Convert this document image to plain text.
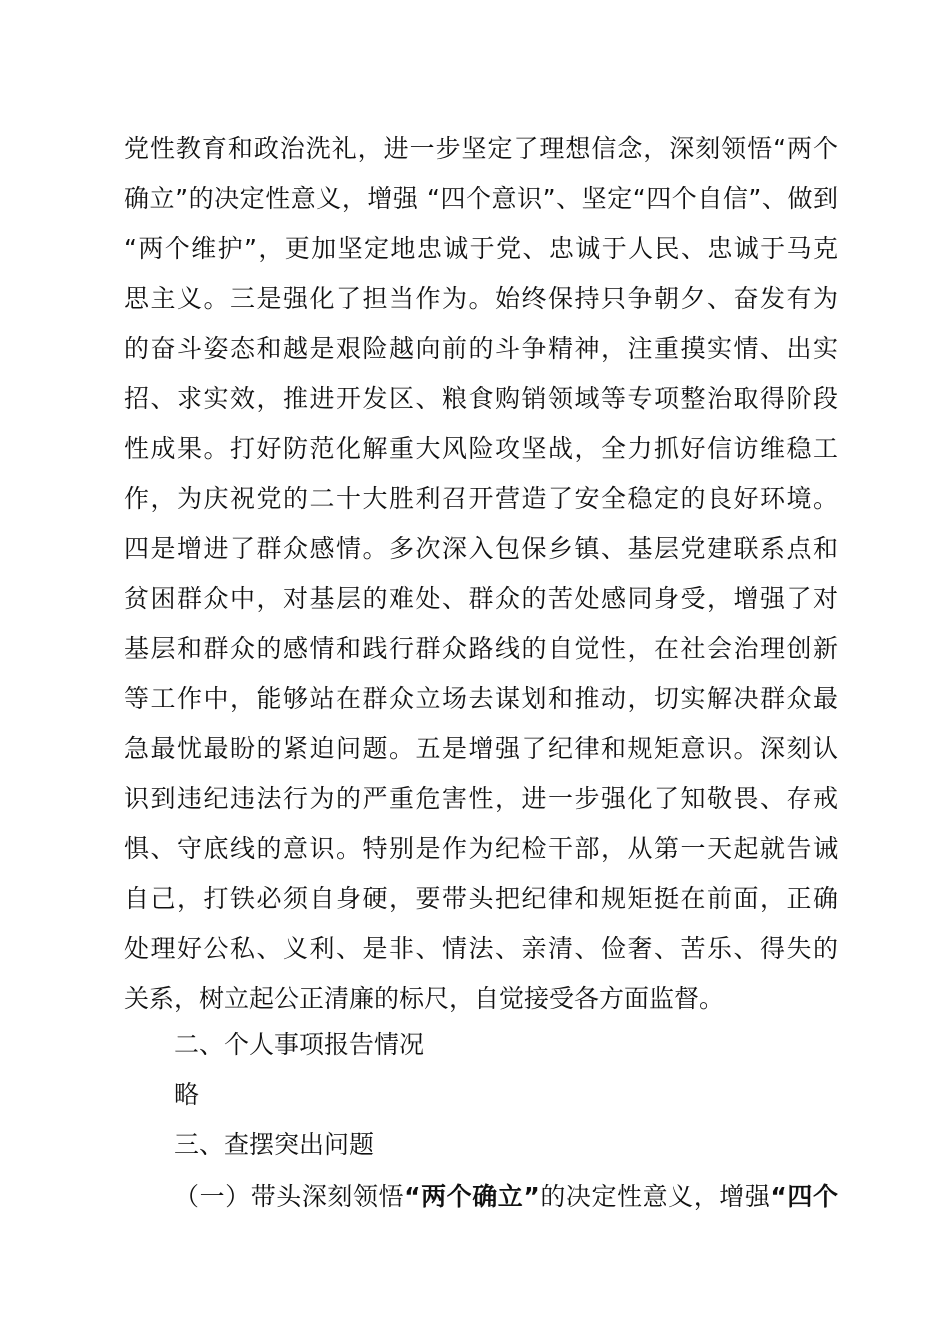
党性教育和政治洗礼，进一步坚定了理想信念，深刻领悟“两个
确立”的决定性意义，增强 “四个意识”、坚定“四个自信”、做到
“两个维护”，更加坚定地忠诚于党、忠诚于人民、忠诚于马克
思主义。三是强化了担当作为。始终保持只争朝夕、奋发有为
的奋斗姿态和越是艰险越向前的斗争精神，注重摸实情、出实
招、求实效，推进开发区、粮食购销领域等专项整治取得阶段
性成果。打好防范化解重大风险攻坚战，全力抓好信访维稳工
作，为庆祝党的二十大胜利召开营造了安全稳定的良好环境。
四是增进了群众感情。多次深入包保乡镇、基层党建联系点和
贫困群众中，对基层的难处、群众的苦处感同身受，增强了对
基层和群众的感情和践行群众路线的自觉性，在社会治理创新
等工作中，能够站在群众立场去谋划和推动，切实解决群众最
急最忧最盼的紧迫问题。五是增强了纪律和规矩意识。深刻认
识到违纪违法行为的严重危害性，进一步强化了知敬畏、存戒
惧、守底线的意识。特别是作为纪检干部，从第一天起就告诫
自己，打铁必须自身硬，要带头把纪律和规矩挺在前面，正确
处理好公私、义利、是非、情法、亲清、俭奢、苦乐、得失的
关系，树立起公正清廉的标尺，自觉接受各方面监督。
二、个人事项报告情况
略
三、查摆突出问题
（一）带头深刻领悟“两个确立”的决定性意义，增强“四个
